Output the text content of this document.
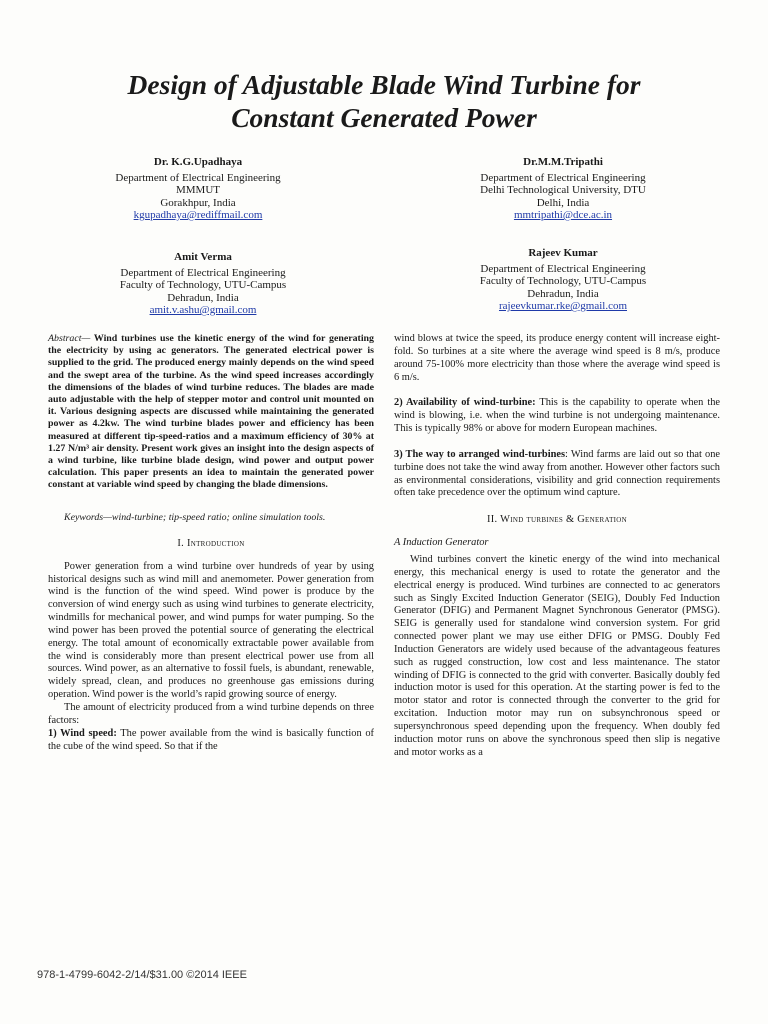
Design of Adjustable Blade Wind Turbine for
Constant Generated Power
Dr. K.G.Upadhaya
Department of Electrical Engineering
MMMUT
Gorakhpur, India
kgupadhaya@rediffmail.com
Dr.M.M.Tripathi
Department of Electrical Engineering
Delhi Technological University, DTU
Delhi, India
mmtripathi@dce.ac.in
Amit Verma
Department of Electrical Engineering
Faculty of Technology, UTU-Campus
Dehradun, India
amit.v.ashu@gmail.com
Rajeev Kumar
Department of Electrical Engineering
Faculty of Technology, UTU-Campus
Dehradun, India
rajeevkumar.rke@gmail.com

Abstract— Wind turbines use the kinetic energy of the wind for generating the electricity by using ac generators. The generated electrical power is supplied to the grid. The produced energy mainly depends on the wind speed and the swept area of the turbine. As the wind speed increases accordingly the dimensions of the blades of wind turbine reduces. The blades are made auto adjustable with the help of stepper motor and control unit mounted on it. Various designing aspects are discussed while maintaining the generated power as 4.2kw. The wind turbine blades power and efficiency has been measured at different tip-speed-ratios and a maximum efficiency of 30% at 1.27 N/m³ air density. Present work gives an insight into the design aspects of a wind turbine, like turbine blade design, wind power and output power calculation. This paper presents an idea to maintain the generated power constant at variable wind speed by changing the blade dimensions.

Keywords—wind-turbine; tip-speed ratio; online simulation tools.

I. Introduction

Power generation from a wind turbine over hundreds of year by using historical designs such as wind mill and anemometer. Power generation from wind is the function of the wind speed. Wind power is produce by the conversion of wind energy such as using wind turbines to generate electricity, windmills for mechanical power, and wind pumps for water pumping. So the wind power has been proved the potential source of generating the electrical energy. The total amount of economically extractable power available from the wind is considerably more than present electrical power use from all sources. Wind power, as an alternative to fossil fuels, is abundant, renewable, widely spread, clean, and produces no greenhouse gas emissions during operation. Wind power is the world’s rapid growing source of energy.

The amount of electricity produced from a wind turbine depends on three factors:

1) Wind speed: The power available from the wind is basically function of the cube of the wind speed. So that if the

wind blows at twice the speed, its produce energy content will increase eight-fold. So turbines at a site where the average wind speed is 8 m/s, produce around 75-100% more electricity than those where the average wind speed is 6 m/s.

2) Availability of wind-turbine: This is the capability to operate when the wind is blowing, i.e. when the wind turbine is not undergoing maintenance. This is typically 98% or above for modern European machines.

3) The way to arranged wind-turbines: Wind farms are laid out so that one turbine does not take the wind away from another. However other factors such as environmental considerations, visibility and grid connection requirements often take precedence over the optimum wind capture.

II. Wind turbines & Generation
A Induction Generator

Wind turbines convert the kinetic energy of the wind into mechanical energy, this mechanical energy is used to rotate the generator and the electrical energy is produced. Wind turbines are connected to ac generators such as Singly Excited Induction Generator (SEIG), Doubly Fed Induction Generator (DFIG) and Permanent Magnet Synchronous Generator (PMSG). SEIG is generally used for standalone wind conversion system. For grid connected power plant we may use either DFIG or PMSG. Doubly Fed Induction Generators are widely used because of the advantageous features such as rugged construction, low cost and less maintenance. The stator winding of DFIG is connected to the grid with converter. Basically doubly fed induction motor is used for this operation. At the starting power is fed to the motor stator and rotor is connected through the converter to the grid for excitation. Induction motor may run on subsynchronous speed or supersynchronous speed depending upon the frequency. When doubly fed induction motor runs on above the synchronous speed then slip is negative and motor works as a

978-1-4799-6042-2/14/$31.00 ©2014 IEEE
